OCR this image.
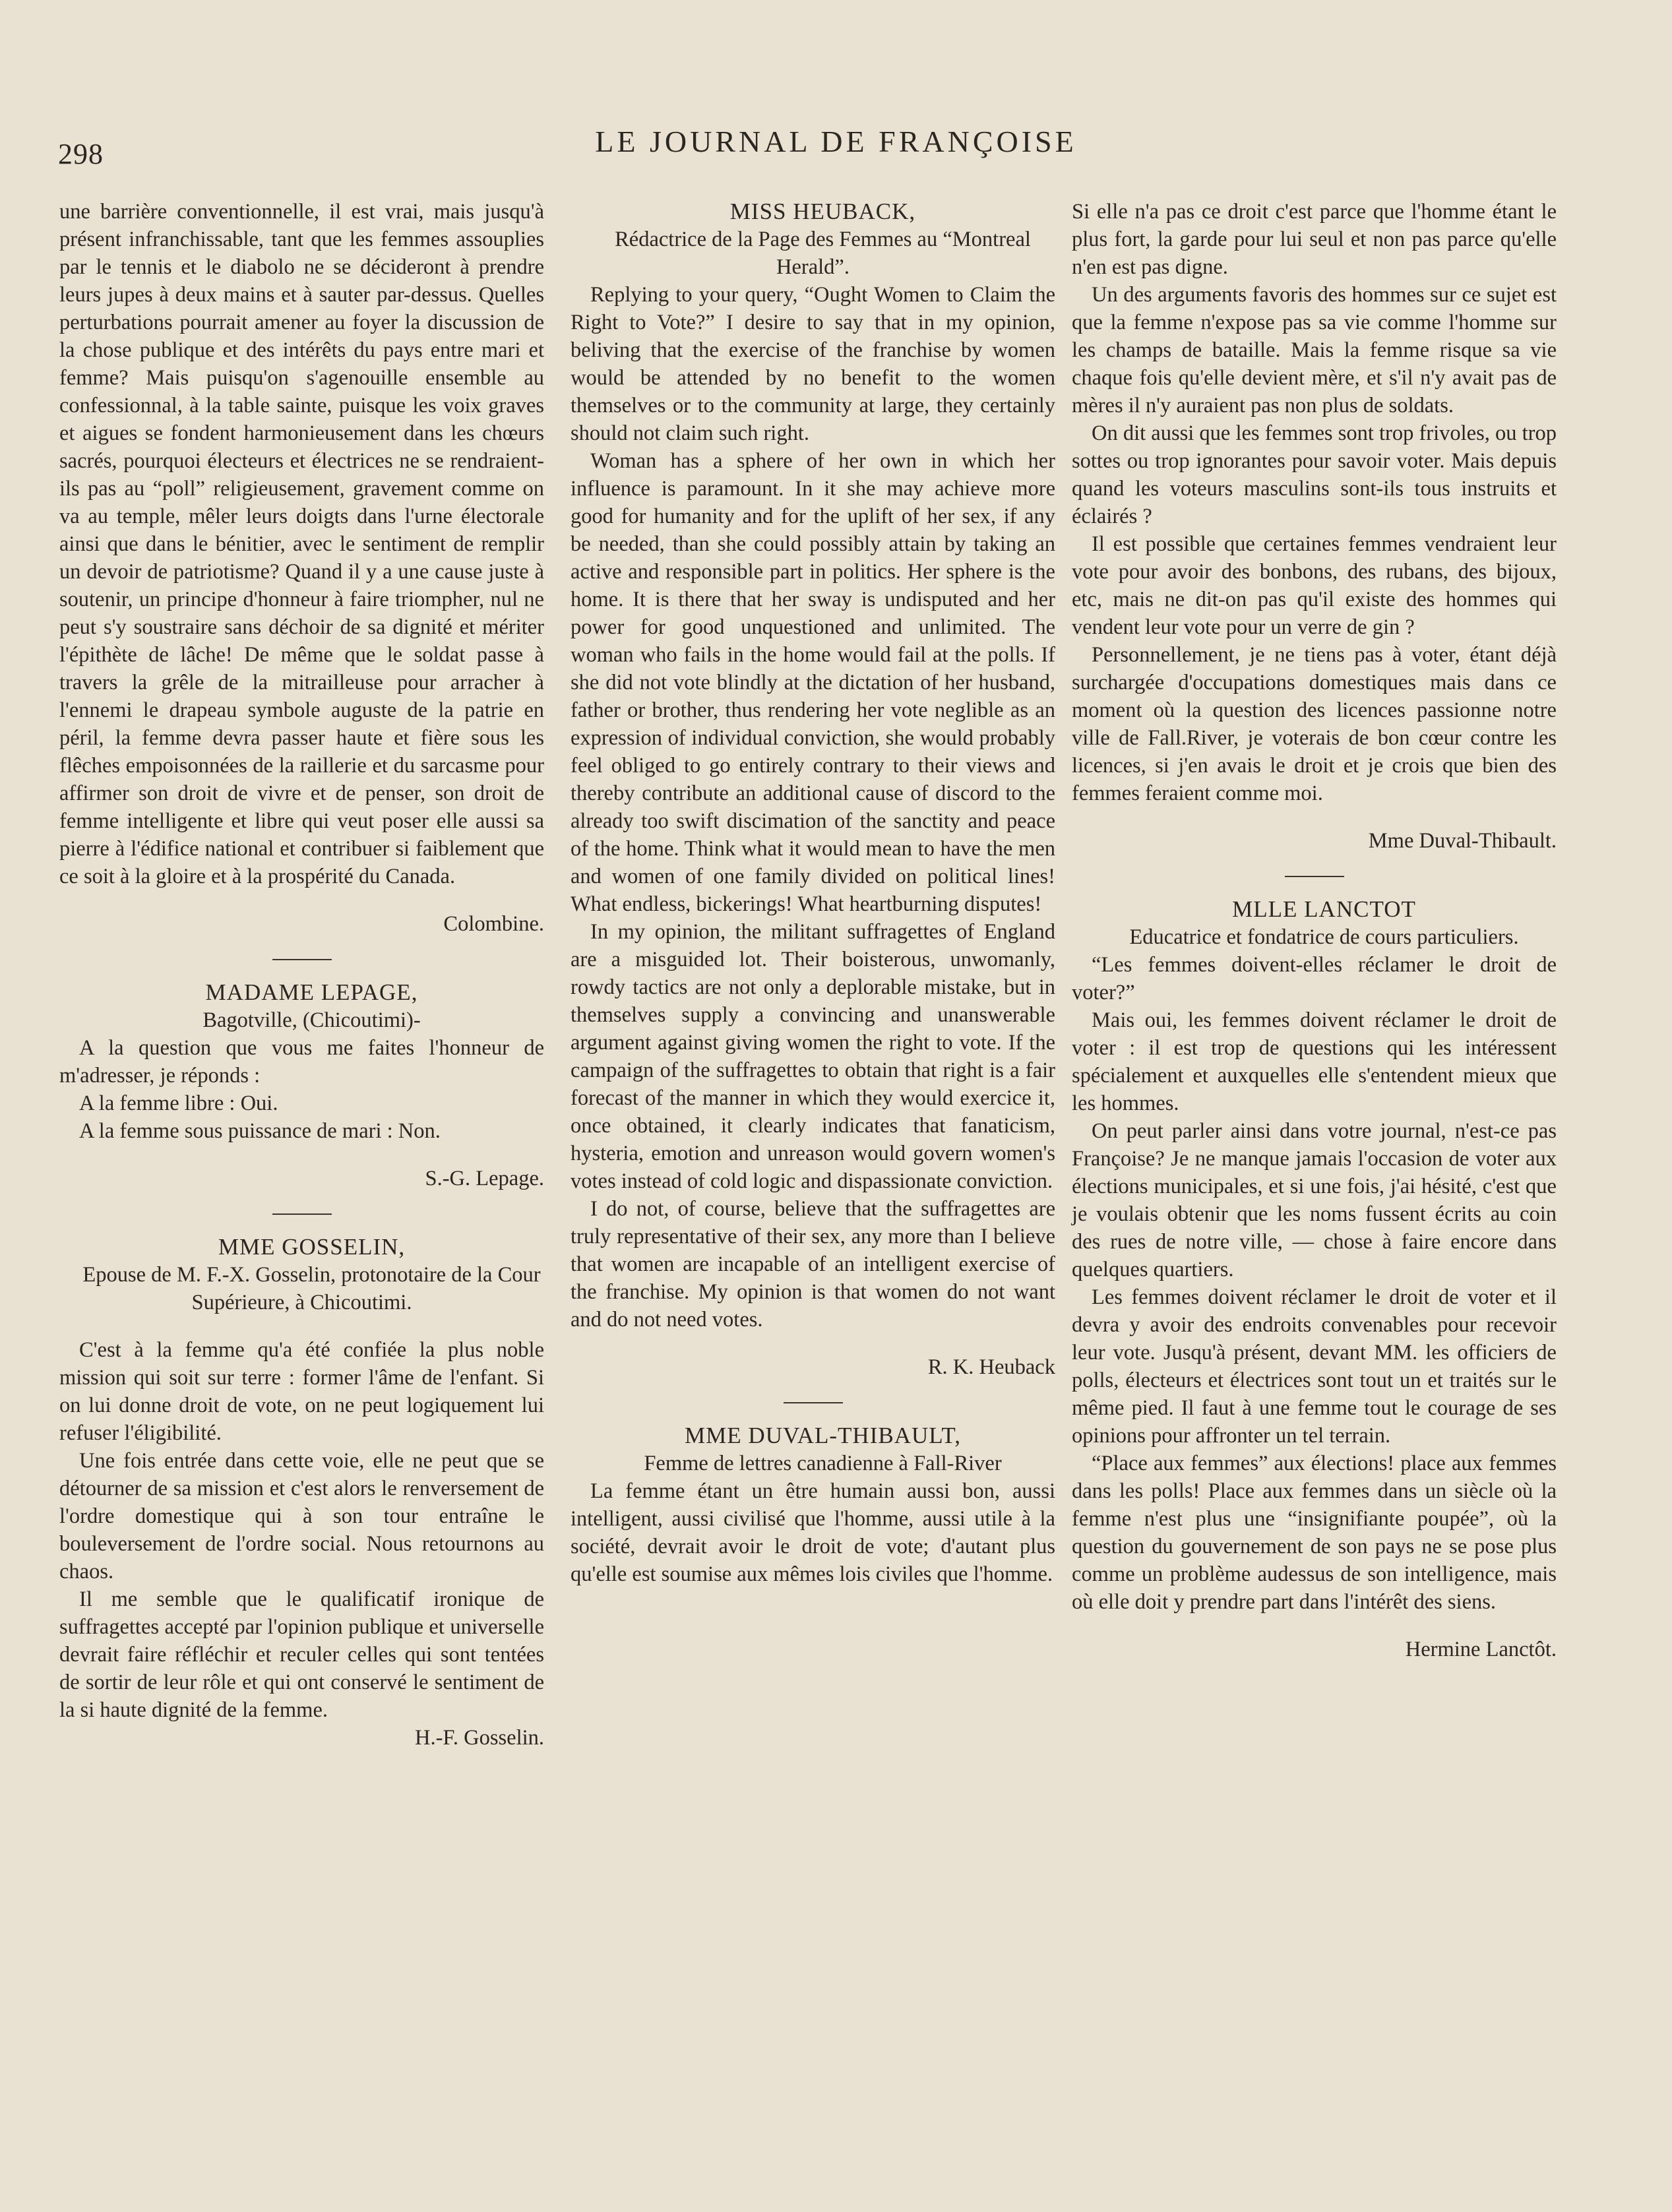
298	LE JOURNAL DE FRANÇOISE

une barrière conventionnelle, il est vrai, mais jusqu'à présent infranchissable, tant que les femmes assouplies par le tennis et le diabolo ne se décideront à prendre leurs jupes à deux mains et à sauter par-dessus. Quelles perturbations pourrait amener au foyer la discussion de la chose publique et des intérêts du pays entre mari et femme? Mais puisqu'on s'agenouille ensemble au confessionnal, à la table sainte, puisque les voix graves et aigues se fondent harmonieusement dans les chœurs sacrés, pourquoi électeurs et électrices ne se rendraient-ils pas au “poll” religieusement, gravement comme on va au temple, mêler leurs doigts dans l'urne électorale ainsi que dans le bénitier, avec le sentiment de remplir un devoir de patriotisme? Quand il y a une cause juste à soutenir, un principe d'honneur à faire triompher, nul ne peut s'y soustraire sans déchoir de sa dignité et mériter l'épithète de lâche! De même que le soldat passe à travers la grêle de la mitrailleuse pour arracher à l'ennemi le drapeau symbole auguste de la patrie en péril, la femme devra passer haute et fière sous les flêches empoisonnées de la raillerie et du sarcasme pour affirmer son droit de vivre et de penser, son droit de femme intelligente et libre qui veut poser elle aussi sa pierre à l'édifice national et contribuer si faiblement que ce soit à la gloire et à la prospérité du Canada.

Colombine.

MADAME LEPAGE,

Bagotville, (Chicoutimi)-

A la question que vous me faites l'honneur de m'adresser, je réponds :

A la femme libre : Oui.

A la femme sous puissance de mari : Non.

S.-G. Lepage.

MME GOSSELIN,

Epouse de M. F.-X. Gosselin, protonotaire de la Cour Supérieure, à Chicoutimi.

C'est à la femme qu'a été confiée la plus noble mission qui soit sur terre : former l'âme de l'enfant. Si on lui donne droit de vote, on ne peut logiquement lui refuser l'éligibilité.

Une fois entrée dans cette voie, elle ne peut que se détourner de sa mission et c'est alors le renversement de l'ordre domestique qui à son tour entraîne le bouleversement de l'ordre social. Nous retournons au chaos.

Il me semble que le qualificatif ironique de suffragettes accepté par l'opinion publique et universelle devrait faire réfléchir et reculer celles qui sont tentées de sortir de leur rôle et qui ont conservé le sentiment de la si haute dignité de la femme.

H.-F. Gosselin.

MISS HEUBACK,

Rédactrice de la Page des Femmes au “Montreal Herald”.

Replying to your query, “Ought Women to Claim the Right to Vote?” I desire to say that in my opinion, beliving that the exercise of the franchise by women would be attended by no benefit to the women themselves or to the community at large, they certainly should not claim such right.

Woman has a sphere of her own in which her influence is paramount. In it she may achieve more good for humanity and for the uplift of her sex, if any be needed, than she could possibly attain by taking an active and responsible part in politics. Her sphere is the home. It is there that her sway is undisputed and her power for good unquestioned and unlimited. The woman who fails in the home would fail at the polls. If she did not vote blindly at the dictation of her husband, father or brother, thus rendering her vote neglible as an expression of individual conviction, she would probably feel obliged to go entirely contrary to their views and thereby contribute an additional cause of discord to the already too swift discimation of the sanctity and peace of the home. Think what it would mean to have the men and women of one family divided on political lines! What endless, bickerings! What heartburning disputes!

In my opinion, the militant suffragettes of England are a misguided lot. Their boisterous, unwomanly, rowdy tactics are not only a deplorable mistake, but in themselves supply a convincing and unanswerable argument against giving women the right to vote. If the campaign of the suffragettes to obtain that right is a fair forecast of the manner in which they would exercice it, once obtained, it clearly indicates that fanaticism, hysteria, emotion and unreason would govern women's votes instead of cold logic and dispassionate conviction.

I do not, of course, believe that the suffragettes are truly representative of their sex, any more than I believe that women are incapable of an intelligent exercise of the franchise. My opinion is that women do not want and do not need votes.

R. K. Heuback

MME DUVAL-THIBAULT,

Femme de lettres canadienne à Fall-River

La femme étant un être humain aussi bon, aussi intelligent, aussi civilisé que l'homme, aussi utile à la société, devrait avoir le droit de vote; d'autant plus qu'elle est soumise aux mêmes lois civiles que l'homme.

Si elle n'a pas ce droit c'est parce que l'homme étant le plus fort, la garde pour lui seul et non pas parce qu'elle n'en est pas digne.

Un des arguments favoris des hommes sur ce sujet est que la femme n'expose pas sa vie comme l'homme sur les champs de bataille. Mais la femme risque sa vie chaque fois qu'elle devient mère, et s'il n'y avait pas de mères il n'y auraient pas non plus de soldats.

On dit aussi que les femmes sont trop frivoles, ou trop sottes ou trop ignorantes pour savoir voter. Mais depuis quand les voteurs masculins sont-ils tous instruits et éclairés ?

Il est possible que certaines femmes vendraient leur vote pour avoir des bonbons, des rubans, des bijoux, etc, mais ne dit-on pas qu'il existe des hommes qui vendent leur vote pour un verre de gin ?

Personnellement, je ne tiens pas à voter, étant déjà surchargée d'occupations domestiques mais dans ce moment où la question des licences passionne notre ville de Fall.River, je voterais de bon cœur contre les licences, si j'en avais le droit et je crois que bien des femmes feraient comme moi.

Mme Duval-Thibault.

MLLE LANCTOT

Educatrice et fondatrice de cours particuliers.

“Les femmes doivent-elles réclamer le droit de voter?”

Mais oui, les femmes doivent réclamer le droit de voter : il est trop de questions qui les intéressent spécialement et auxquelles elle s'entendent mieux que les hommes.

On peut parler ainsi dans votre journal, n'est-ce pas Françoise? Je ne manque jamais l'occasion de voter aux élections municipales, et si une fois, j'ai hésité, c'est que je voulais obtenir que les noms fussent écrits au coin des rues de notre ville, — chose à faire encore dans quelques quartiers.

Les femmes doivent réclamer le droit de voter et il devra y avoir des endroits convenables pour recevoir leur vote. Jusqu'à présent, devant MM. les officiers de polls, électeurs et électrices sont tout un et traités sur le même pied. Il faut à une femme tout le courage de ses opinions pour affronter un tel terrain.

“Place aux femmes” aux élections! place aux femmes dans les polls! Place aux femmes dans un siècle où la femme n'est plus une “insignifiante poupée”, où la question du gouvernement de son pays ne se pose plus comme un problème audessus de son intelligence, mais où elle doit y prendre part dans l'intérêt des siens.

Hermine Lanctôt.
